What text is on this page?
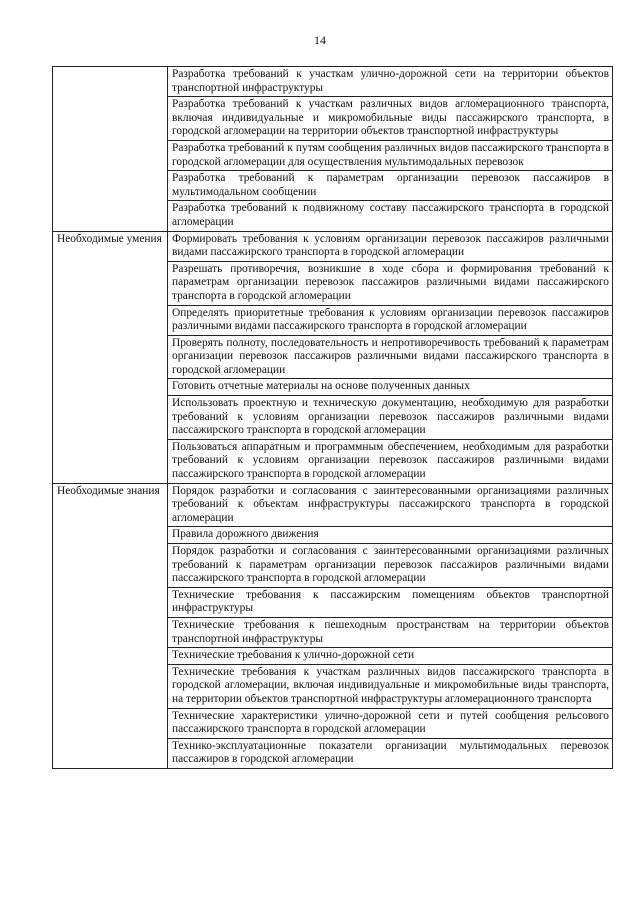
14
	Разработка требований к участкам улично-дорожной сети на территории объектов транспортной инфраструктуры
	Разработка требований к участкам различных видов агломерационного транспорта, включая индивидуальные и микромобильные виды пассажирского транспорта, в городской агломерации на территории объектов транспортной инфраструктуры
	Разработка требований к путям сообщения различных видов пассажирского транспорта в городской агломерации для осуществления мультимодальных перевозок
	Разработка требований к параметрам организации перевозок пассажиров в мультимодальном сообщении
	Разработка требований к подвижному составу пассажирского транспорта в городской агломерации
Необходимые умения	Формировать требования к условиям организации перевозок пассажиров различными видами пассажирского транспорта в городской агломерации
	Разрешать противоречия, возникшие в ходе сбора и формирования требований к параметрам организации перевозок пассажиров различными видами пассажирского транспорта в городской агломерации
	Определять приоритетные требования к условиям организации перевозок пассажиров различными видами пассажирского транспорта в городской агломерации
	Проверять полноту, последовательность и непротиворечивость требований к параметрам организации перевозок пассажиров различными видами пассажирского транспорта в городской агломерации
	Готовить отчетные материалы на основе полученных данных
	Использовать проектную и техническую документацию, необходимую для разработки требований к условиям организации перевозок пассажиров различными видами пассажирского транспорта в городской агломерации
	Пользоваться аппаратным и программным обеспечением, необходимым для разработки требований к условиям организации перевозок пассажиров различными видами пассажирского транспорта в городской агломерации
Необходимые знания	Порядок разработки и согласования с заинтересованными организациями различных требований к объектам инфраструктуры пассажирского транспорта в городской агломерации
	Правила дорожного движения
	Порядок разработки и согласования с заинтересованными организациями различных требований к параметрам организации перевозок пассажиров различными видами пассажирского транспорта в городской агломерации
	Технические требования к пассажирским помещениям объектов транспортной инфраструктуры
	Технические требования к пешеходным пространствам на территории объектов транспортной инфраструктуры
	Технические требования к улично-дорожной сети
	Технические требования к участкам различных видов пассажирского транспорта в городской агломерации, включая индивидуальные и микромобильные виды транспорта, на территории объектов транспортной инфраструктуры агломерационного транспорта
	Технические характеристики улично-дорожной сети и путей сообщения рельсового пассажирского транспорта в городской агломерации
	Технико-эксплуатационные показатели организации мультимодальных перевозок пассажиров в городской агломерации
